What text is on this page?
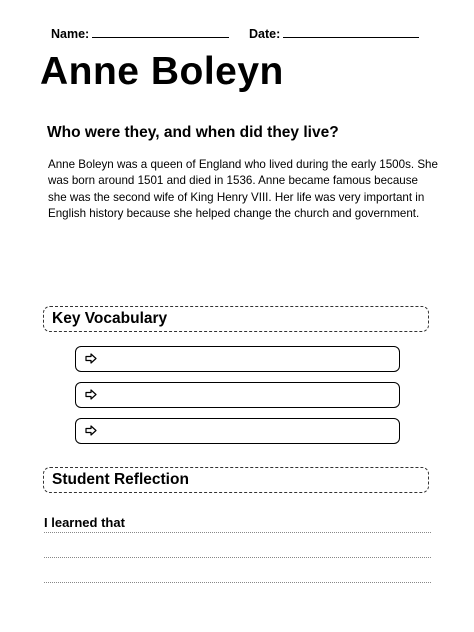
Name:	Date:
Anne Boleyn
Who were they, and when did they live?

Anne Boleyn was a queen of England who lived during the early 1500s. She was born around 1501 and died in 1536. Anne became famous because she was the second wife of King Henry VIII. Her life was very important in English history because she helped change the church and government.

Key Vocabulary
Student Reflection
I learned that
